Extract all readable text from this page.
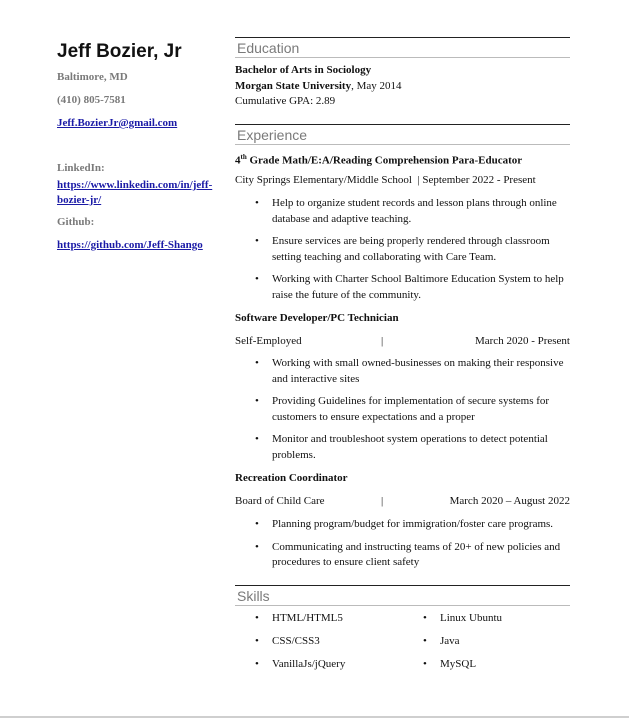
Jeff Bozier, Jr
Baltimore, MD
(410) 805-7581
Jeff.BozierJr@gmail.com
LinkedIn:
https://www.linkedin.com/in/jeff-bozier-jr/
Github:
https://github.com/Jeff-Shango
Education
Bachelor of Arts in Sociology
Morgan State University, May 2014
Cumulative GPA: 2.89
Experience
4th Grade Math/E:A/Reading Comprehension Para-Educator
City Springs Elementary/Middle School | September 2022 - Present
• Help to organize student records and lesson plans through online database and adaptive teaching.
• Ensure services are being properly rendered through classroom setting teaching and collaborating with Care Team.
• Working with Charter School Baltimore Education System to help raise the future of the community.
Software Developer/PC Technician
Self-Employed	|	March 2020 - Present
• Working with small owned-businesses on making their responsive and interactive sites
• Providing Guidelines for implementation of secure systems for customers to ensure expectations and a proper
• Monitor and troubleshoot system operations to detect potential problems.
Recreation Coordinator
Board of Child Care	|	March 2020 – August 2022
• Planning program/budget for immigration/foster care programs.
• Communicating and instructing teams of 20+ of new policies and procedures to ensure client safety
Skills
• HTML/HTML5	• Linux Ubuntu
• CSS/CSS3	• Java
• VanillaJs/jQuery	• MySQL
